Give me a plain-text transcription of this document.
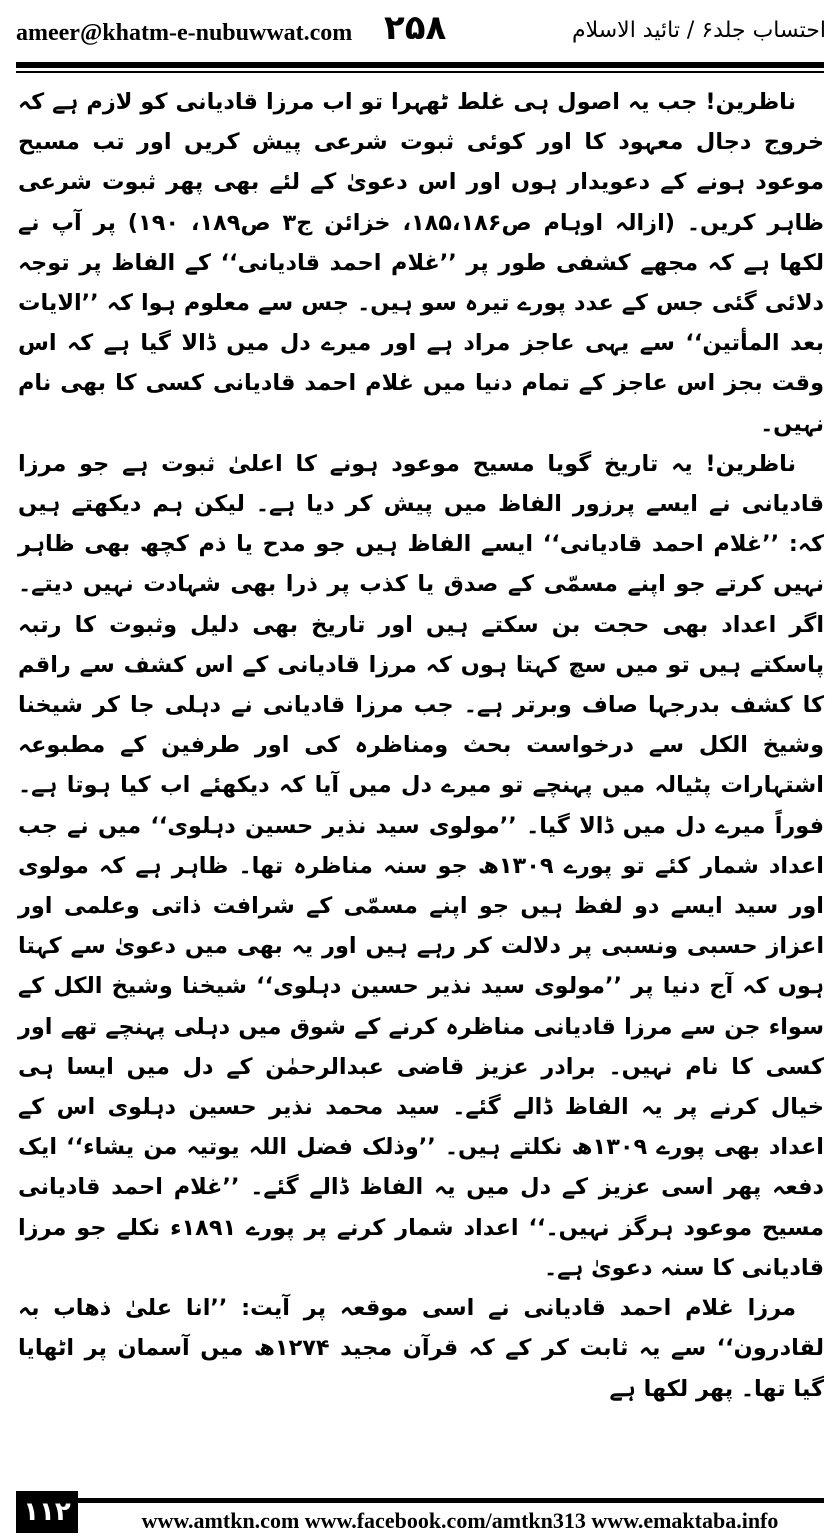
ameer@khatm-e-nubuwwat.com ۲۵۸	احتساب جلد۶ / تائید الاسلام

ناظرین! جب یہ اصول ہی غلط ٹھہرا تو اب مرزا قادیانی کو لازم ہے کہ خروج دجال معہود کا اور کوئی ثبوت شرعی پیش کریں اور تب مسیح موعود ہونے کے دعویدار ہوں اور اس دعویٰ کے لئے بھی پھر ثبوت شرعی ظاہر کریں۔ (ازالہ اوہام ص۱۸۵،۱۸۶، خزائن ج۳ ص۱۸۹، ۱۹۰) پر آپ نے لکھا ہے کہ مجھے کشفی طور پر ’’غلام احمد قادیانی‘‘ کے الفاظ پر توجہ دلائی گئی جس کے عدد پورے تیرہ سو ہیں۔ جس سے معلوم ہوا کہ ’’الایات بعد المأتین‘‘ سے یہی عاجز مراد ہے اور میرے دل میں ڈالا گیا ہے کہ اس وقت بجز اس عاجز کے تمام دنیا میں غلام احمد قادیانی کسی کا بھی نام نہیں۔

ناظرین! یہ تاریخ گویا مسیح موعود ہونے کا اعلیٰ ثبوت ہے جو مرزا قادیانی نے ایسے پرزور الفاظ میں پیش کر دیا ہے۔ لیکن ہم دیکھتے ہیں کہ: ’’غلام احمد قادیانی‘‘ ایسے الفاظ ہیں جو مدح یا ذم کچھ بھی ظاہر نہیں کرتے جو اپنے مسمّی کے صدق یا کذب پر ذرا بھی شہادت نہیں دیتے۔ اگر اعداد بھی حجت بن سکتے ہیں اور تاریخ بھی دلیل وثبوت کا رتبہ پاسکتے ہیں تو میں سچ کہتا ہوں کہ مرزا قادیانی کے اس کشف سے راقم کا کشف بدرجہا صاف وبرتر ہے۔ جب مرزا قادیانی نے دہلی جا کر شیخنا وشیخ الکل سے درخواست بحث ومناظرہ کی اور طرفین کے مطبوعہ اشتہارات پٹیالہ میں پہنچے تو میرے دل میں آیا کہ دیکھئے اب کیا ہوتا ہے۔ فوراً میرے دل میں ڈالا گیا۔ ’’مولوی سید نذیر حسین دہلوی‘‘ میں نے جب اعداد شمار کئے تو پورے ۱۳۰۹ھ جو سنہ مناظرہ تھا۔ ظاہر ہے کہ مولوی اور سید ایسے دو لفظ ہیں جو اپنے مسمّی کے شرافت ذاتی وعلمی اور اعزاز حسبی ونسبی پر دلالت کر رہے ہیں اور یہ بھی میں دعویٰ سے کہتا ہوں کہ آج دنیا پر ’’مولوی سید نذیر حسین دہلوی‘‘ شیخنا وشیخ الکل کے سواء جن سے مرزا قادیانی مناظرہ کرنے کے شوق میں دہلی پہنچے تھے اور کسی کا نام نہیں۔ برادر عزیز قاضی عبدالرحمٰن کے دل میں ایسا ہی خیال کرنے پر یہ الفاظ ڈالے گئے۔ سید محمد نذیر حسین دہلوی اس کے اعداد بھی پورے ۱۳۰۹ھ نکلتے ہیں۔ ’’وذلک فضل اللہ یوتیہ من یشاء‘‘ ایک دفعہ پھر اسی عزیز کے دل میں یہ الفاظ ڈالے گئے۔ ’’غلام احمد قادیانی مسیح موعود ہرگز نہیں۔‘‘ اعداد شمار کرنے پر پورے ۱۸۹۱ء نکلے جو مرزا قادیانی کا سنہ دعویٰ ہے۔

مرزا غلام احمد قادیانی نے اسی موقعہ پر آیت: ’’انا علیٰ ذھاب بہ لقادرون‘‘ سے یہ ثابت کر کے کہ قرآن مجید ۱۲۷۴ھ میں آسمان پر اٹھایا گیا تھا۔ پھر لکھا ہے

۱۱۲	www.amtkn.com www.facebook.com/amtkn313 www.emaktaba.info
